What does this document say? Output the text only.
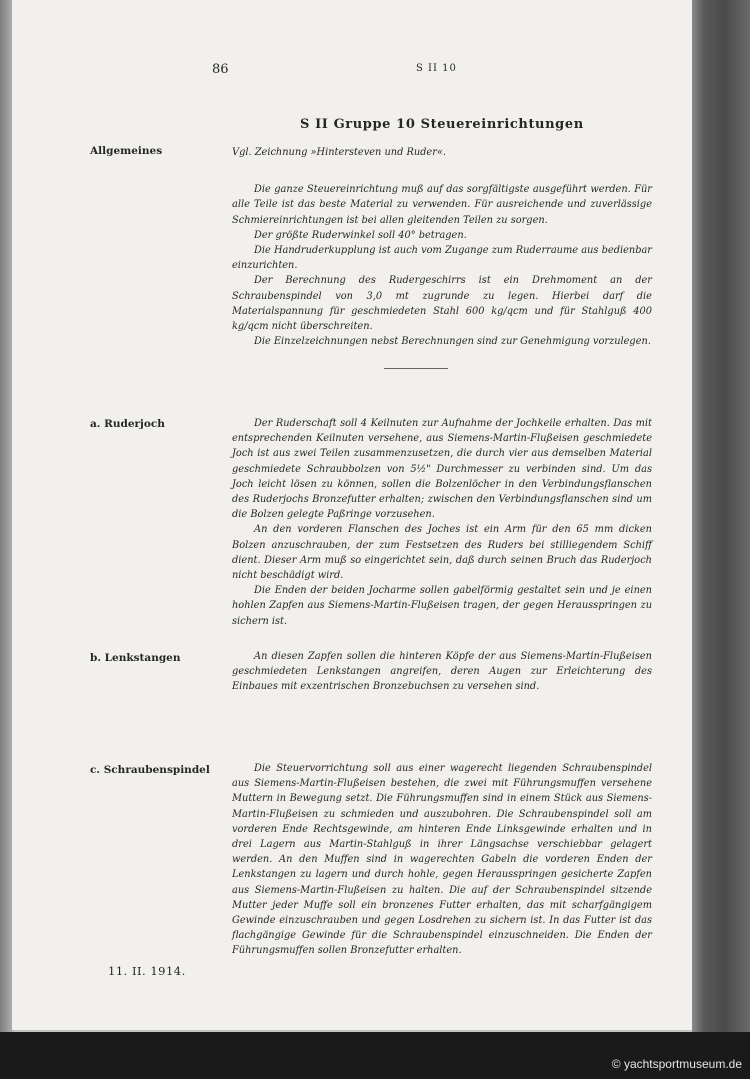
© yachtsportmuseum.de
86	S II 10
S II Gruppe 10 Steuereinrichtungen
Allgemeines	Vgl. Zeichnung »Hintersteven und Ruder«.

Die ganze Steuereinrichtung muß auf das sorgfältigste ausgeführt werden. Für alle Teile ist das beste Material zu verwenden. Für ausreichende und zuverlässige Schmiereinrichtungen ist bei allen gleitenden Teilen zu sorgen.

Der größte Ruderwinkel soll 40° betragen.

Die Handruderkupplung ist auch vom Zugange zum Ruderraume aus bedienbar einzurichten.

Der Berechnung des Rudergeschirrs ist ein Drehmoment an der Schraubenspindel von 3,0 mt zugrunde zu legen. Hierbei darf die Materialspannung für geschmiedeten Stahl 600 kg/qcm und für Stahlguß 400 kg/qcm nicht überschreiten.

Die Einzelzeichnungen nebst Berechnungen sind zur Genehmigung vorzulegen.

a. Ruderjoch	Der Ruderschaft soll 4 Keilnuten zur Aufnahme der Jochkeile erhalten. Das mit entsprechenden Keilnuten versehene, aus Siemens-Martin-Flußeisen geschmiedete Joch ist aus zwei Teilen zusammenzusetzen, die durch vier aus demselben Material geschmiedete Schraubbolzen von 5½" Durchmesser zu verbinden sind. Um das Joch leicht lösen zu können, sollen die Bolzenlöcher in den Verbindungsflanschen des Ruderjochs Bronzefutter erhalten; zwischen den Verbindungsflanschen sind um die Bolzen gelegte Paßringe vorzusehen.

An den vorderen Flanschen des Joches ist ein Arm für den 65 mm dicken Bolzen anzuschrauben, der zum Festsetzen des Ruders bei stilliegendem Schiff dient. Dieser Arm muß so eingerichtet sein, daß durch seinen Bruch das Ruderjoch nicht beschädigt wird.

Die Enden der beiden Jocharme sollen gabelförmig gestaltet sein und je einen hohlen Zapfen aus Siemens-Martin-Flußeisen tragen, der gegen Herausspringen zu sichern ist.

b. Lenkstangen	An diesen Zapfen sollen die hinteren Köpfe der aus Siemens-Martin-Flußeisen geschmiedeten Lenkstangen angreifen, deren Augen zur Erleichterung des Einbaues mit exzentrischen Bronzebuchsen zu versehen sind.

c. Schraubenspindel	Die Steuervorrichtung soll aus einer wagerecht liegenden Schraubenspindel aus Siemens-Martin-Flußeisen bestehen, die zwei mit Führungsmuffen versehene Muttern in Bewegung setzt. Die Führungsmuffen sind in einem Stück aus Siemens-Martin-Flußeisen zu schmieden und auszubohren. Die Schraubenspindel soll am vorderen Ende Rechtsgewinde, am hinteren Ende Linksgewinde erhalten und in drei Lagern aus Martin-Stahlguß in ihrer Längsachse verschiebbar gelagert werden. An den Muffen sind in wagerechten Gabeln die vorderen Enden der Lenkstangen zu lagern und durch hohle, gegen Herausspringen gesicherte Zapfen aus Siemens-Martin-Flußeisen zu halten. Die auf der Schraubenspindel sitzende Mutter jeder Muffe soll ein bronzenes Futter erhalten, das mit scharfgängigem Gewinde einzuschrauben und gegen Losdrehen zu sichern ist. In das Futter ist das flachgängige Gewinde für die Schraubenspindel einzuschneiden. Die Enden der Führungsmuffen sollen Bronzefutter erhalten.

11. II. 1914.
